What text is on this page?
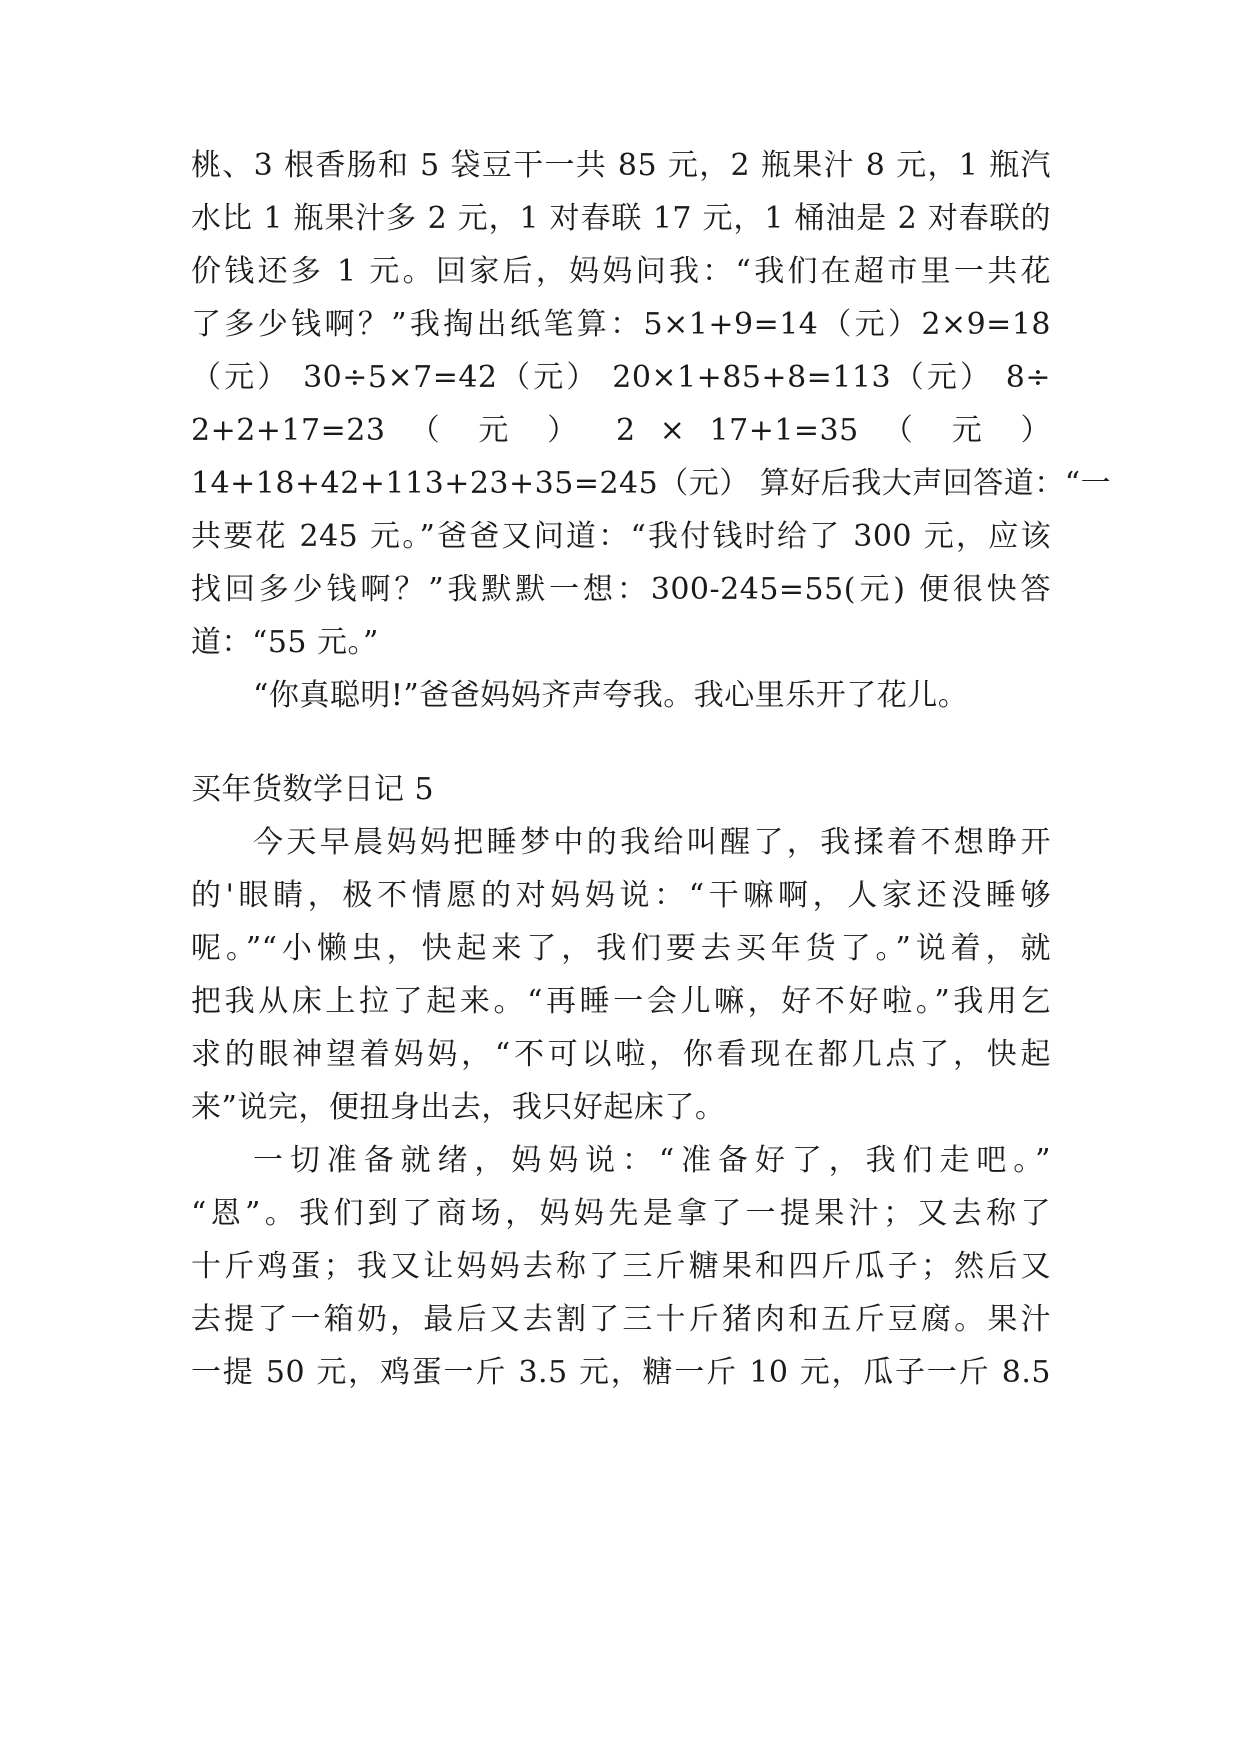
桃、3 根香肠和 5 袋豆干一共 85 元，2 瓶果汁 8 元，1 瓶汽
水比 1 瓶果汁多 2 元，1 对春联 17 元，1 桶油是 2 对春联的
价钱还多 1 元。回家后，妈妈问我：“我们在超市里一共花
了多少钱啊？”我掏出纸笔算：5×1+9=14（元）2×9=18
（元） 30÷5×7=42（元） 20×1+85+8=113（元） 8÷
2+2+17=23 （ 元 ） 2 × 17+1=35 （ 元 ）
14+18+42+113+23+35=245（元） 算好后我大声回答道：“一
共要花 245 元。”爸爸又问道：“我付钱时给了 300 元，应该
找回多少钱啊？”我默默一想：300-245=55(元) 便很快答
道：“55 元。”
“你真聪明!”爸爸妈妈齐声夸我。我心里乐开了花儿。
买年货数学日记 5
今天早晨妈妈把睡梦中的我给叫醒了，我揉着不想睁开
的'眼睛，极不情愿的对妈妈说：“干嘛啊，人家还没睡够
呢。”“小懒虫，快起来了，我们要去买年货了。”说着，就
把我从床上拉了起来。“再睡一会儿嘛，好不好啦。”我用乞
求的眼神望着妈妈，“不可以啦，你看现在都几点了，快起
来”说完，便扭身出去，我只好起床了。
一切准备就绪，妈妈说：“准备好了，我们走吧。”
“恩”。我们到了商场，妈妈先是拿了一提果汁；又去称了
十斤鸡蛋；我又让妈妈去称了三斤糖果和四斤瓜子；然后又
去提了一箱奶，最后又去割了三十斤猪肉和五斤豆腐。果汁
一提 50 元，鸡蛋一斤 3.5 元，糖一斤 10 元，瓜子一斤 8.5
